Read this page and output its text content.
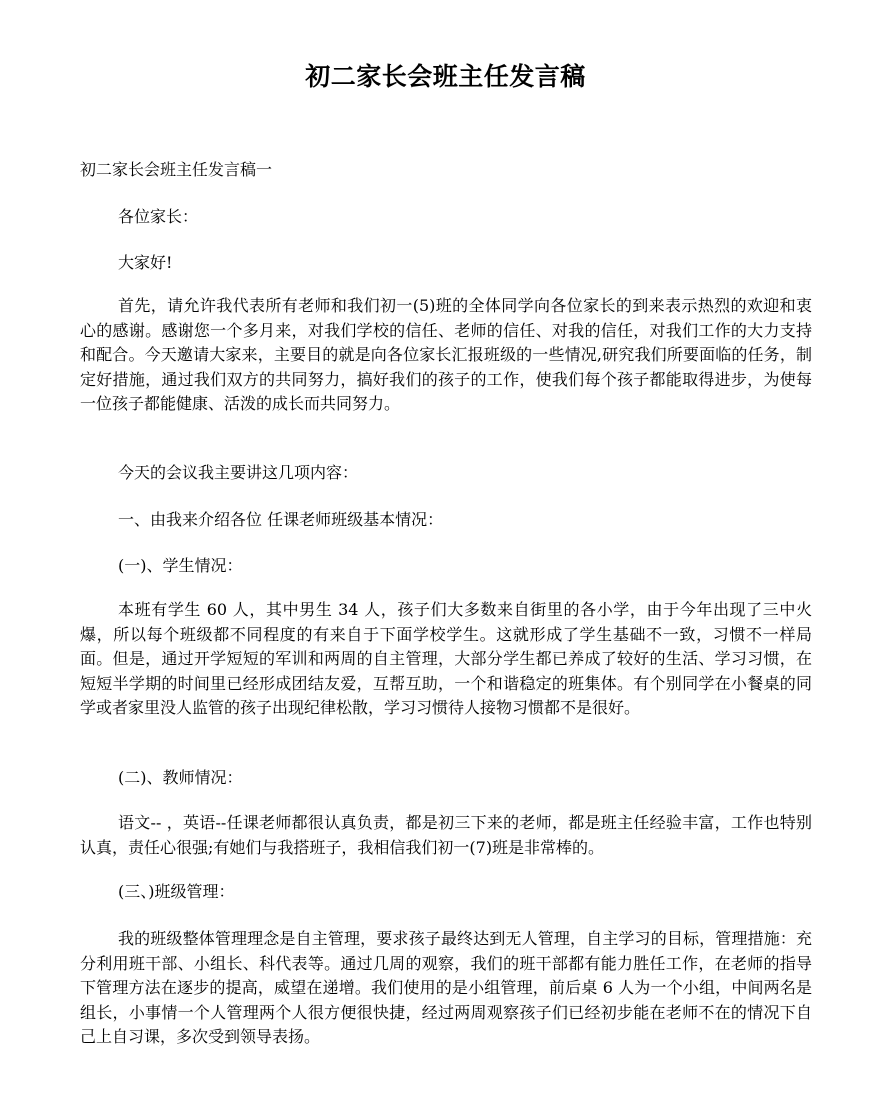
初二家长会班主任发言稿

初二家长会班主任发言稿一

各位家长：

大家好!

首先，请允许我代表所有老师和我们初一(5)班的全体同学向各位家长的到来表示热烈的欢迎和衷心的感谢。感谢您一个多月来，对我们学校的信任、老师的信任、对我的信任，对我们工作的大力支持和配合。今天邀请大家来，主要目的就是向各位家长汇报班级的一些情况,研究我们所要面临的任务，制定好措施，通过我们双方的共同努力，搞好我们的孩子的工作，使我们每个孩子都能取得进步，为使每一位孩子都能健康、活泼的成长而共同努力。

今天的会议我主要讲这几项内容：

一、由我来介绍各位 任课老师班级基本情况：

(一)、学生情况：

本班有学生 60 人，其中男生 34 人，孩子们大多数来自街里的各小学，由于今年出现了三中火爆，所以每个班级都不同程度的有来自于下面学校学生。这就形成了学生基础不一致，习惯不一样局面。但是，通过开学短短的军训和两周的自主管理，大部分学生都已养成了较好的生活、学习习惯，在短短半学期的时间里已经形成团结友爱，互帮互助，一个和谐稳定的班集体。有个别同学在小餐桌的同学或者家里没人监管的孩子出现纪律松散，学习习惯待人接物习惯都不是很好。

(二)、教师情况：

语文-- ，英语--任课老师都很认真负责，都是初三下来的老师，都是班主任经验丰富，工作也特别认真，责任心很强;有她们与我搭班子，我相信我们初一(7)班是非常棒的。

(三、)班级管理：

我的班级整体管理理念是自主管理，要求孩子最终达到无人管理，自主学习的目标，管理措施：充分利用班干部、小组长、科代表等。通过几周的观察，我们的班干部都有能力胜任工作，在老师的指导下管理方法在逐步的提高，威望在递增。我们使用的是小组管理，前后桌 6 人为一个小组，中间两名是组长，小事情一个人管理两个人很方便很快捷，经过两周观察孩子们已经初步能在老师不在的情况下自己上自习课，多次受到领导表扬。
